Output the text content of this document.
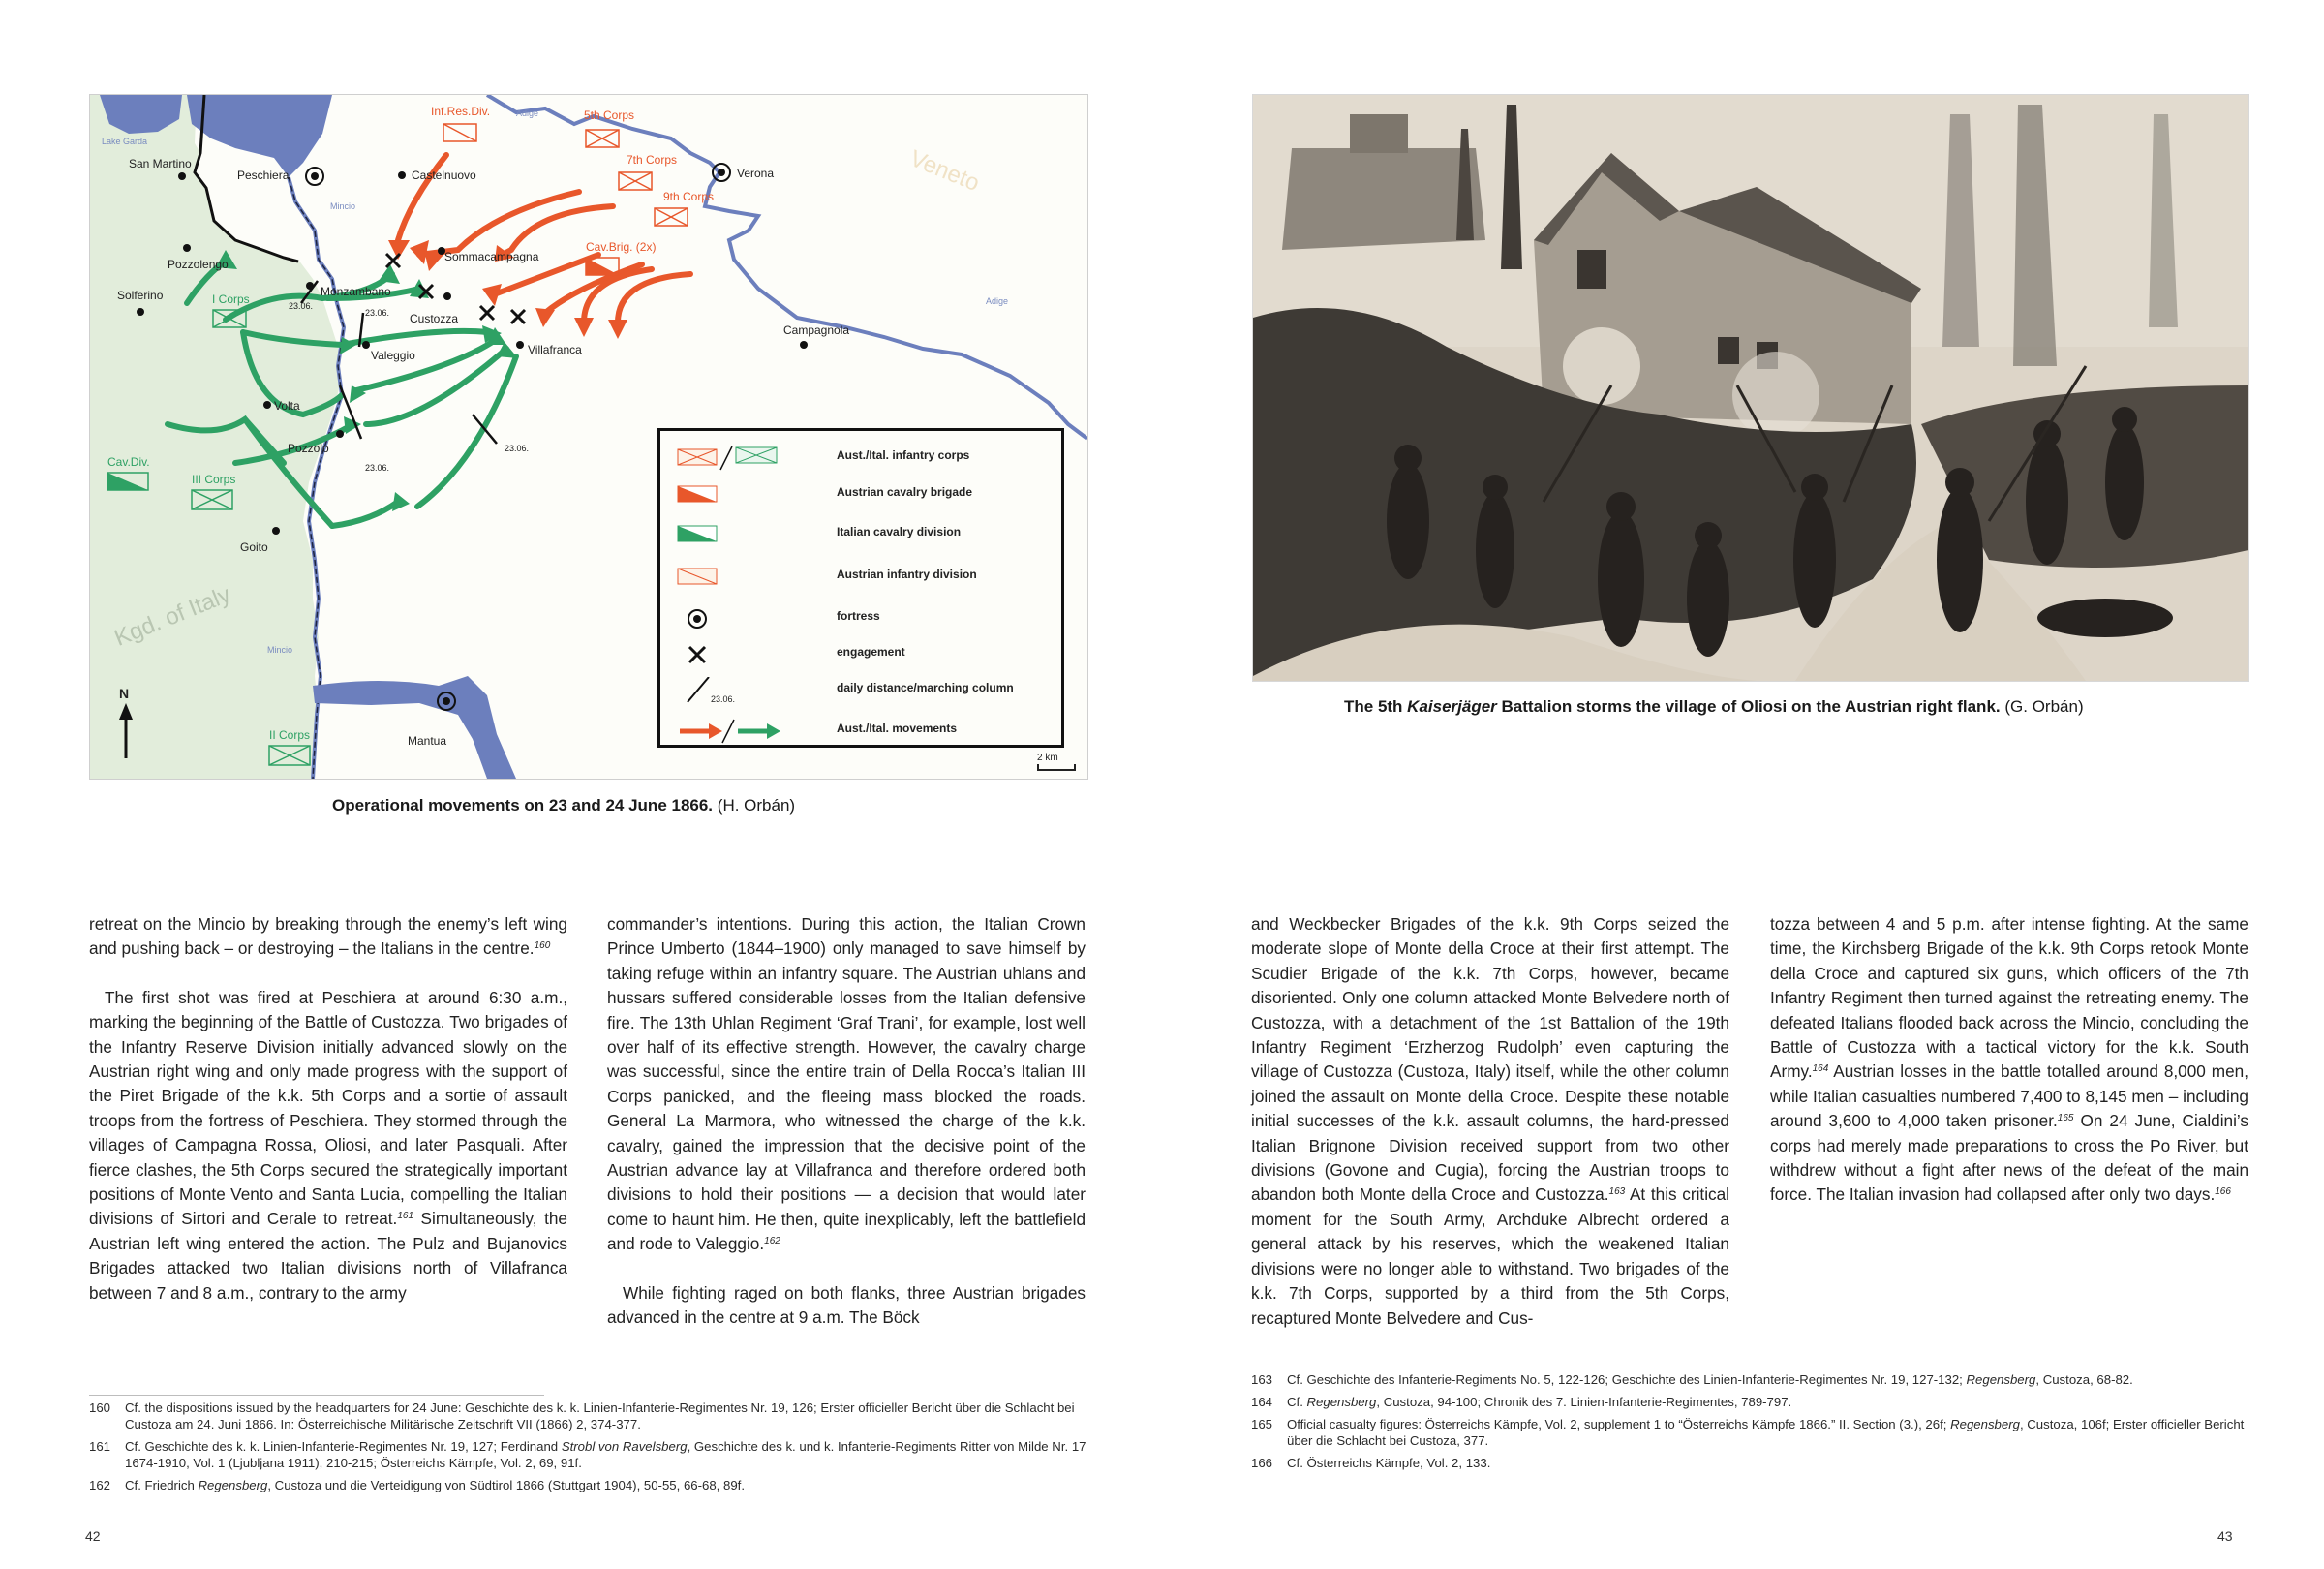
Kgd. of Italy
Veneto
Lake Garda
Mincio
Mincio
Adige
Adige
San Martino
Peschiera	Castelnuovo	Verona
Pozzolengo
Solferino	Monzambano
Sommacampagna
Custozza
Valeggio	Villafranca
Campagnola
Volta
Pozzolo
Goito
Mantua
Inf.Res.Div.	5th Corps
7th Corps
9th Corps
Cav.Brig. (2x)
I Corps
Cav.Div.
III Corps
II Corps
23.06.
23.06.
23.06.
23.06.
N
Aust./Ital. infantry corps
Austrian cavalry brigade
Italian cavalry division
Austrian infantry division
fortress
engagement
23.06.
daily distance/marching column
Aust./Ital. movements
2 km
Operational movements on 23 and 24 June 1866. (H. Orbán)

retreat on the Mincio by breaking through the enemy’s left wing and pushing back – or destroying – the Italians in the centre.$^{160}$

The first shot was fired at Peschiera at around 6:30 a.m., marking the beginning of the Battle of Custozza. Two brigades of the Infantry Reserve Division initially advanced slowly on the Austrian right wing and only made progress with the support of the Piret Brigade of the k.k. 5th Corps and a sortie of assault troops from the fortress of Peschiera. They stormed through the villages of Campagna Rossa, Oliosi, and later Pasquali. After fierce clashes, the 5th Corps secured the strategically important positions of Monte Vento and Santa Lucia, compelling the Italian divisions of Sirtori and Cerale to retreat.$^{161}$ Simultaneously, the Austrian left wing entered the action. The Pulz and Bujanovics Brigades attacked two Italian divisions north of Villafranca between 7 and 8 a.m., contrary to the army

commander’s intentions. During this action, the Italian Crown Prince Umberto (1844–1900) only managed to save himself by taking refuge within an infantry square. The Austrian uhlans and hussars suffered considerable losses from the Italian defensive fire. The 13th Uhlan Regiment ‘Graf Trani’, for example, lost well over half of its effective strength. However, the cavalry charge was successful, since the entire train of Della Rocca’s Italian III Corps panicked, and the fleeing mass blocked the roads. General La Marmora, who witnessed the charge of the k.k. cavalry, gained the impression that the decisive point of the Austrian advance lay at Villafranca and therefore ordered both divisions to hold their positions — a decision that would later come to haunt him. He then, quite inexplicably, left the battlefield and rode to Valeggio.$^{162}$

While fighting raged on both flanks, three Austrian brigades advanced in the centre at 9 a.m. The Böck

160 Cf. the dispositions issued by the headquarters for 24 June: Geschichte des k. k. Linien-Infanterie-Regimentes Nr. 19, 126; Erster officieller Bericht über die Schlacht bei Custoza am 24. Juni 1866. In: Österreichische Militärische Zeitschrift VII (1866) 2, 374-377.
161 Cf. Geschichte des k. k. Linien-Infanterie-Regimentes Nr. 19, 127; Ferdinand Strobl von Ravelsberg, Geschichte des k. und k. Infanterie-Regiments Ritter von Milde Nr. 17 1674-1910, Vol. 1 (Ljubljana 1911), 210-215; Österreichs Kämpfe, Vol. 2, 69, 91f.
162 Cf. Friedrich Regensberg, Custoza und die Verteidigung von Südtirol 1866 (Stuttgart 1904), 50-55, 66-68, 89f.
42
The 5th Kaiserjäger Battalion storms the village of Oliosi on the Austrian right flank. (G. Orbán)

and Weckbecker Brigades of the k.k. 9th Corps seized the moderate slope of Monte della Croce at their first attempt. The Scudier Brigade of the k.k. 7th Corps, however, became disoriented. Only one column attacked Monte Belvedere north of Custozza, with a detachment of the 1st Battalion of the 19th Infantry Regiment ‘Erzherzog Rudolph’ even capturing the village of Custozza (Custoza, Italy) itself, while the other column joined the assault on Monte della Croce. Despite these notable initial successes of the k.k. assault columns, the hard-pressed Italian Brignone Division received support from two other divisions (Govone and Cugia), forcing the Austrian troops to abandon both Monte della Croce and Custozza.$^{163}$ At this critical moment for the South Army, Archduke Albrecht ordered a general attack by his reserves, which the weakened Italian divisions were no longer able to withstand. Two brigades of the k.k. 7th Corps, supported by a third from the 5th Corps, recaptured Monte Belvedere and Cus-

tozza between 4 and 5 p.m. after intense fighting. At the same time, the Kirchsberg Brigade of the k.k. 9th Corps retook Monte della Croce and captured six guns, which officers of the 7th Infantry Regiment then turned against the retreating enemy. The defeated Italians flooded back across the Mincio, concluding the Battle of Custozza with a tactical victory for the k.k. South Army.$^{164}$ Austrian losses in the battle totalled around 8,000 men, while Italian casualties numbered 7,400 to 8,145 men – including around 3,600 to 4,000 taken prisoner.$^{165}$ On 24 June, Cialdini’s corps had merely made preparations to cross the Po River, but withdrew without a fight after news of the defeat of the main force. The Italian invasion had collapsed after only two days.$^{166}$

163 Cf. Geschichte des Infanterie-Regiments No. 5, 122-126; Geschichte des Linien-Infanterie-Regimentes Nr. 19, 127-132; Regensberg, Custoza, 68-82.
164 Cf. Regensberg, Custoza, 94-100; Chronik des 7. Linien-Infanterie-Regimentes, 789-797.
165 Official casualty figures: Österreichs Kämpfe, Vol. 2, supplement 1 to “Österreichs Kämpfe 1866.” II. Section (3.), 26f; Regensberg, Custoza, 106f; Erster officieller Bericht über die Schlacht bei Custoza, 377.
166 Cf. Österreichs Kämpfe, Vol. 2, 133.
43
